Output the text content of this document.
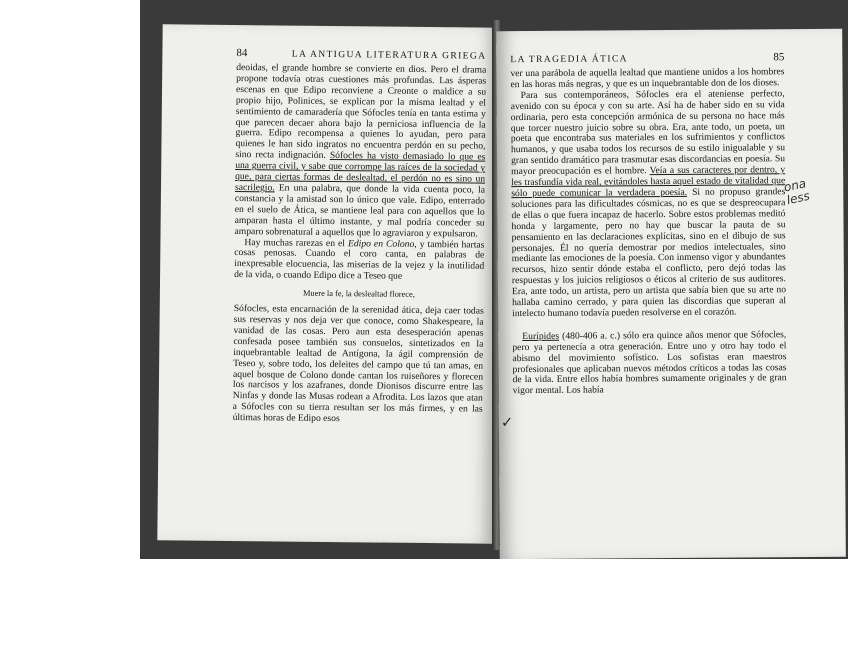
84	LA ANTIGUA LITERATURA GRIEGA

deoidas, el grande hombre se convierte en dios. Pero el drama propone todavía otras cuestiones más profundas. Las ásperas escenas en que Edipo reconviene a Creonte o maldice a su propio hijo, Polinices, se explican por la misma lealtad y el sentimiento de camaradería que Sófocles tenía en tanta estima y que parecen decaer ahora bajo la perniciosa influencia de la guerra. Edipo recompensa a quienes lo ayudan, pero para quienes le han sido ingratos no encuentra perdón en su pecho, sino recta indignación. Sófocles ha visto demasiado lo que es una guerra civil, y sabe que corrompe las raíces de la sociedad y que, para ciertas formas de deslealtad, el perdón no es sino un sacrilegio. En una palabra, que donde la vida cuenta poco, la constancia y la amistad son lo único que vale. Edipo, enterrado en el suelo de Ática, se mantiene leal para con aquellos que lo amparan hasta el último instante, y mal podría conceder su amparo sobrenatural a aquellos que lo agraviaron y expulsaron.

Hay muchas rarezas en el Edipo en Colono, y también hartas cosas penosas. Cuando el coro canta, en palabras de inexpresable elocuencia, las miserias de la vejez y la inutilidad de la vida, o cuando Edipo dice a Teseo que

Muere la fe, la deslealtad florece,

Sófocles, esta encarnación de la serenidad ática, deja caer todas sus reservas y nos deja ver que conoce, como Shakespeare, la vanidad de las cosas. Pero aun esta desesperación apenas confesada posee también sus consuelos, sintetizados en la inquebrantable lealtad de Antígona, la ágil comprensión de Teseo y, sobre todo, los deleites del campo que tú tan amas, en aquel bosque de Colono donde cantan los ruiseñores y florecen los narcisos y los azafranes, donde Dionisos discurre entre las Ninfas y donde las Musas rodean a Afrodita. Los lazos que atan a Sófocles con su tierra resultan ser los más firmes, y en las últimas horas de Edipo esos

LA TRAGEDIA ÁTICA	85

ver una parábola de aquella lealtad que mantiene unidos a los hombres en las horas más negras, y que es un inquebrantable don de los dioses.

Para sus contemporáneos, Sófocles era el ateniense perfecto, avenido con su época y con su arte. Así ha de haber sido en su vida ordinaria, pero esta concepción armónica de su persona no hace más que torcer nuestro juicio sobre su obra. Era, ante todo, un poeta, un poeta que encontraba sus materiales en los sufrimientos y conflictos humanos, y que usaba todos los recursos de su estilo inigualable y su gran sentido dramático para trasmutar esas discordancias en poesía. Su mayor preocupación es el hombre. Veía a sus caracteres por dentro, y les trasfundía vida real, evitándoles hasta aquel estado de vitalidad que sólo puede comunicar la verdadera poesía. Si no propuso grandes soluciones para las dificultades cósmicas, no es que se despreocupara de ellas o que fuera incapaz de hacerlo. Sobre estos problemas meditó honda y largamente, pero no hay que buscar la pauta de su pensamiento en las declaraciones explícitas, sino en el dibujo de sus personajes. Él no quería demostrar por medios intelectuales, sino mediante las emociones de la poesía. Con inmenso vigor y abundantes recursos, hizo sentir dónde estaba el conflicto, pero dejó todas las respuestas y los juicios religiosos o éticos al criterio de sus auditores. Era, ante todo, un artista, pero un artista que sabía bien que su arte no hallaba camino cerrado, y para quien las discordias que superan al intelecto humano todavía pueden resolverse en el corazón.

Eurípides (480-406 a. c.) sólo era quince años menor que Sófocles, pero ya pertenecía a otra generación. Entre uno y otro hay todo el abismo del movimiento sofístico. Los sofistas eran maestros profesionales que aplicaban nuevos métodos críticos a todas las cosas de la vida. Entre ellos había hombres sumamente originales y de gran vigor mental. Los había

✓
ona
less
